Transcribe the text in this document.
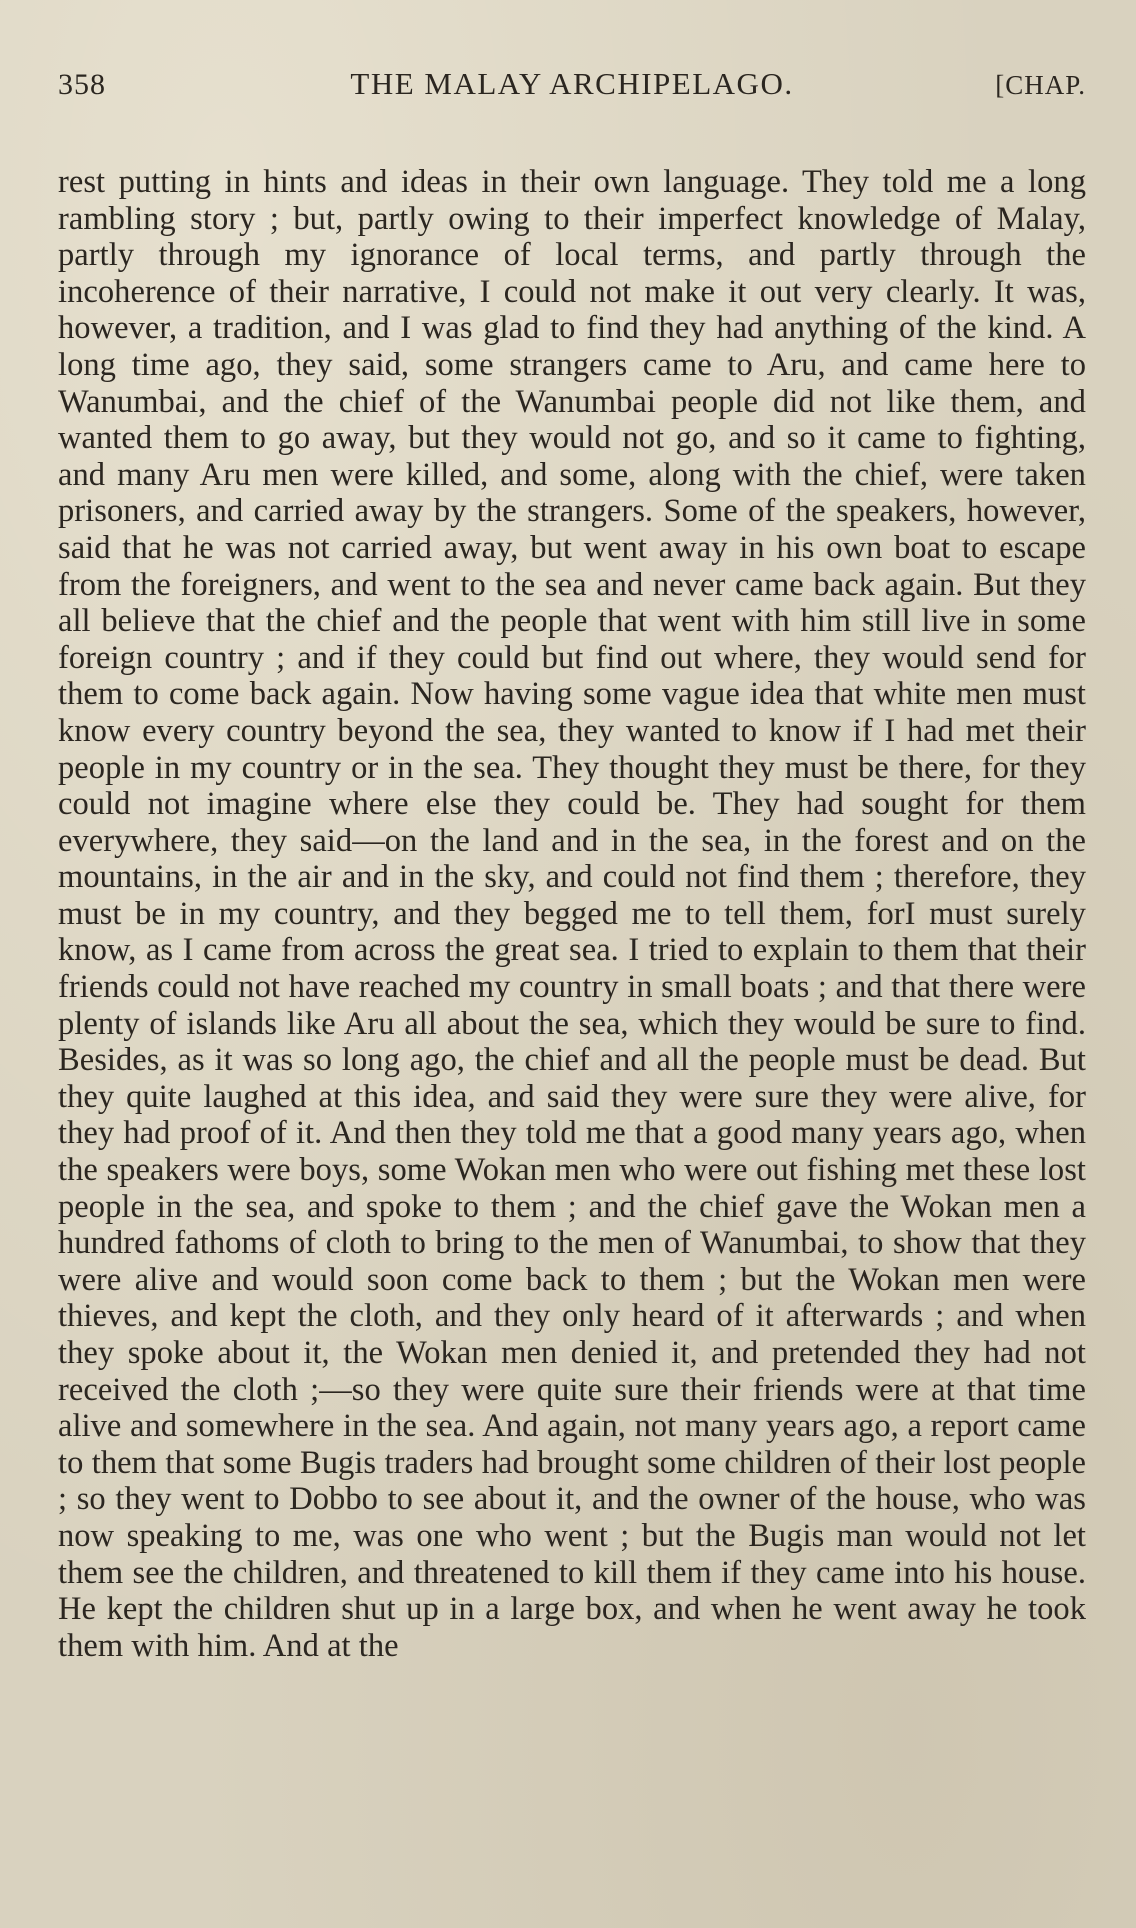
358	THE MALAY ARCHIPELAGO.	[CHAP.

rest putting in hints and ideas in their own language. They told me a long rambling story ; but, partly owing to their imperfect knowledge of Malay, partly through my ignorance of local terms, and partly through the incoherence of their narrative, I could not make it out very clearly. It was, however, a tradition, and I was glad to find they had anything of the kind. A long time ago, they said, some strangers came to Aru, and came here to Wanumbai, and the chief of the Wanumbai people did not like them, and wanted them to go away, but they would not go, and so it came to fighting, and many Aru men were killed, and some, along with the chief, were taken prisoners, and carried away by the strangers. Some of the speakers, however, said that he was not carried away, but went away in his own boat to escape from the foreigners, and went to the sea and never came back again. But they all believe that the chief and the people that went with him still live in some foreign country ; and if they could but find out where, they would send for them to come back again. Now having some vague idea that white men must know every country beyond the sea, they wanted to know if I had met their people in my country or in the sea. They thought they must be there, for they could not imagine where else they could be. They had sought for them everywhere, they said—on the land and in the sea, in the forest and on the mountains, in the air and in the sky, and could not find them ; therefore, they must be in my country, and they begged me to tell them, forI must surely know, as I came from across the great sea. I tried to explain to them that their friends could not have reached my country in small boats ; and that there were plenty of islands like Aru all about the sea, which they would be sure to find. Besides, as it was so long ago, the chief and all the people must be dead. But they quite laughed at this idea, and said they were sure they were alive, for they had proof of it. And then they told me that a good many years ago, when the speakers were boys, some Wokan men who were out fishing met these lost people in the sea, and spoke to them ; and the chief gave the Wokan men a hundred fathoms of cloth to bring to the men of Wanumbai, to show that they were alive and would soon come back to them ; but the Wokan men were thieves, and kept the cloth, and they only heard of it afterwards ; and when they spoke about it, the Wokan men denied it, and pretended they had not received the cloth ;—so they were quite sure their friends were at that time alive and somewhere in the sea. And again, not many years ago, a report came to them that some Bugis traders had brought some children of their lost people ; so they went to Dobbo to see about it, and the owner of the house, who was now speaking to me, was one who went ; but the Bugis man would not let them see the children, and threatened to kill them if they came into his house. He kept the children shut up in a large box, and when he went away he took them with him. And at the
